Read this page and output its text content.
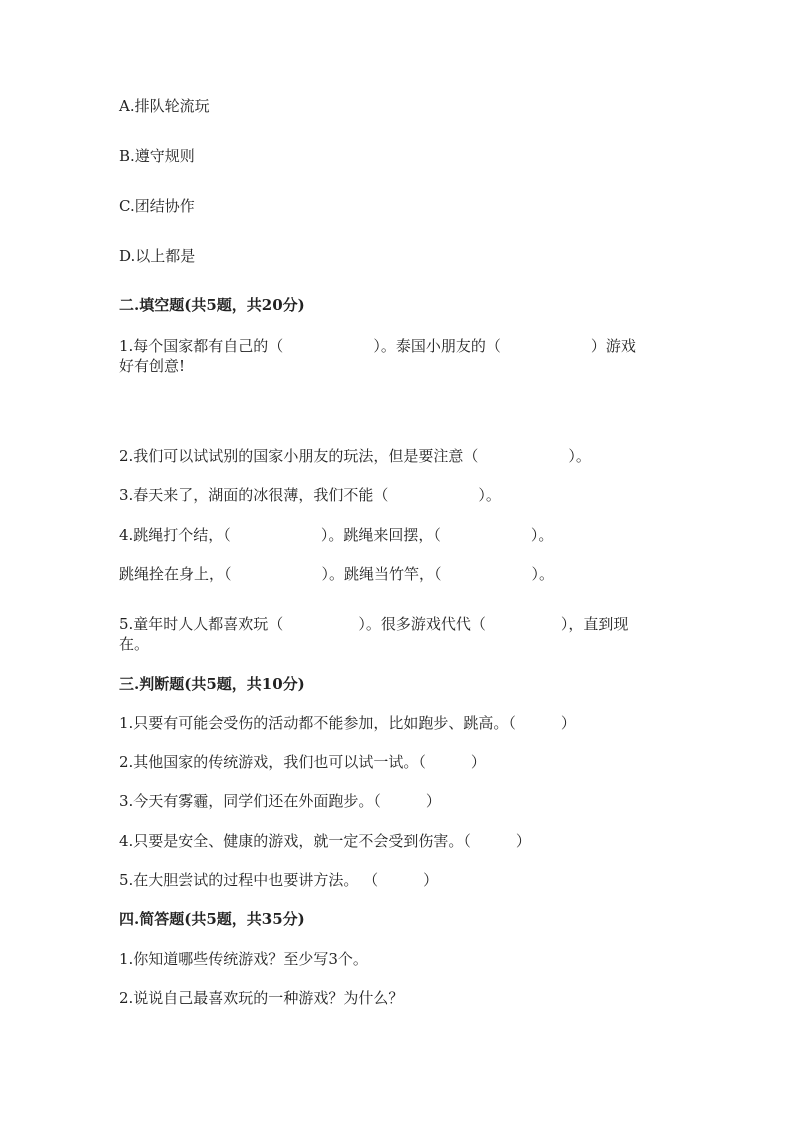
A.排队轮流玩
B.遵守规则
C.团结协作
D.以上都是
二.填空题(共5题，共20分)
1.每个国家都有自己的（　　　　　　）。泰国小朋友的（　　　　　　）游戏
好有创意!
2.我们可以试试别的国家小朋友的玩法，但是要注意（　　　　　　）。
3.春天来了，湖面的冰很薄，我们不能（　　　　　　）。
4.跳绳打个结，（　　　　　　）。跳绳来回摆，（　　　　　　）。
跳绳拴在身上，（　　　　　　）。跳绳当竹竿，（　　　　　　）。
5.童年时人人都喜欢玩（　　　　　）。很多游戏代代（　　　　　），直到现
在。
三.判断题(共5题，共10分)
1.只要有可能会受伤的活动都不能参加，比如跑步、跳高。（　　　）
2.其他国家的传统游戏，我们也可以试一试。（　　　）
3.今天有雾霾，同学们还在外面跑步。（　　　）
4.只要是安全、健康的游戏，就一定不会受到伤害。（　　　）
5.在大胆尝试的过程中也要讲方法。 （　　　）
四.简答题(共5题，共35分)
1.你知道哪些传统游戏？至少写3个。
2.说说自己最喜欢玩的一种游戏？为什么？
